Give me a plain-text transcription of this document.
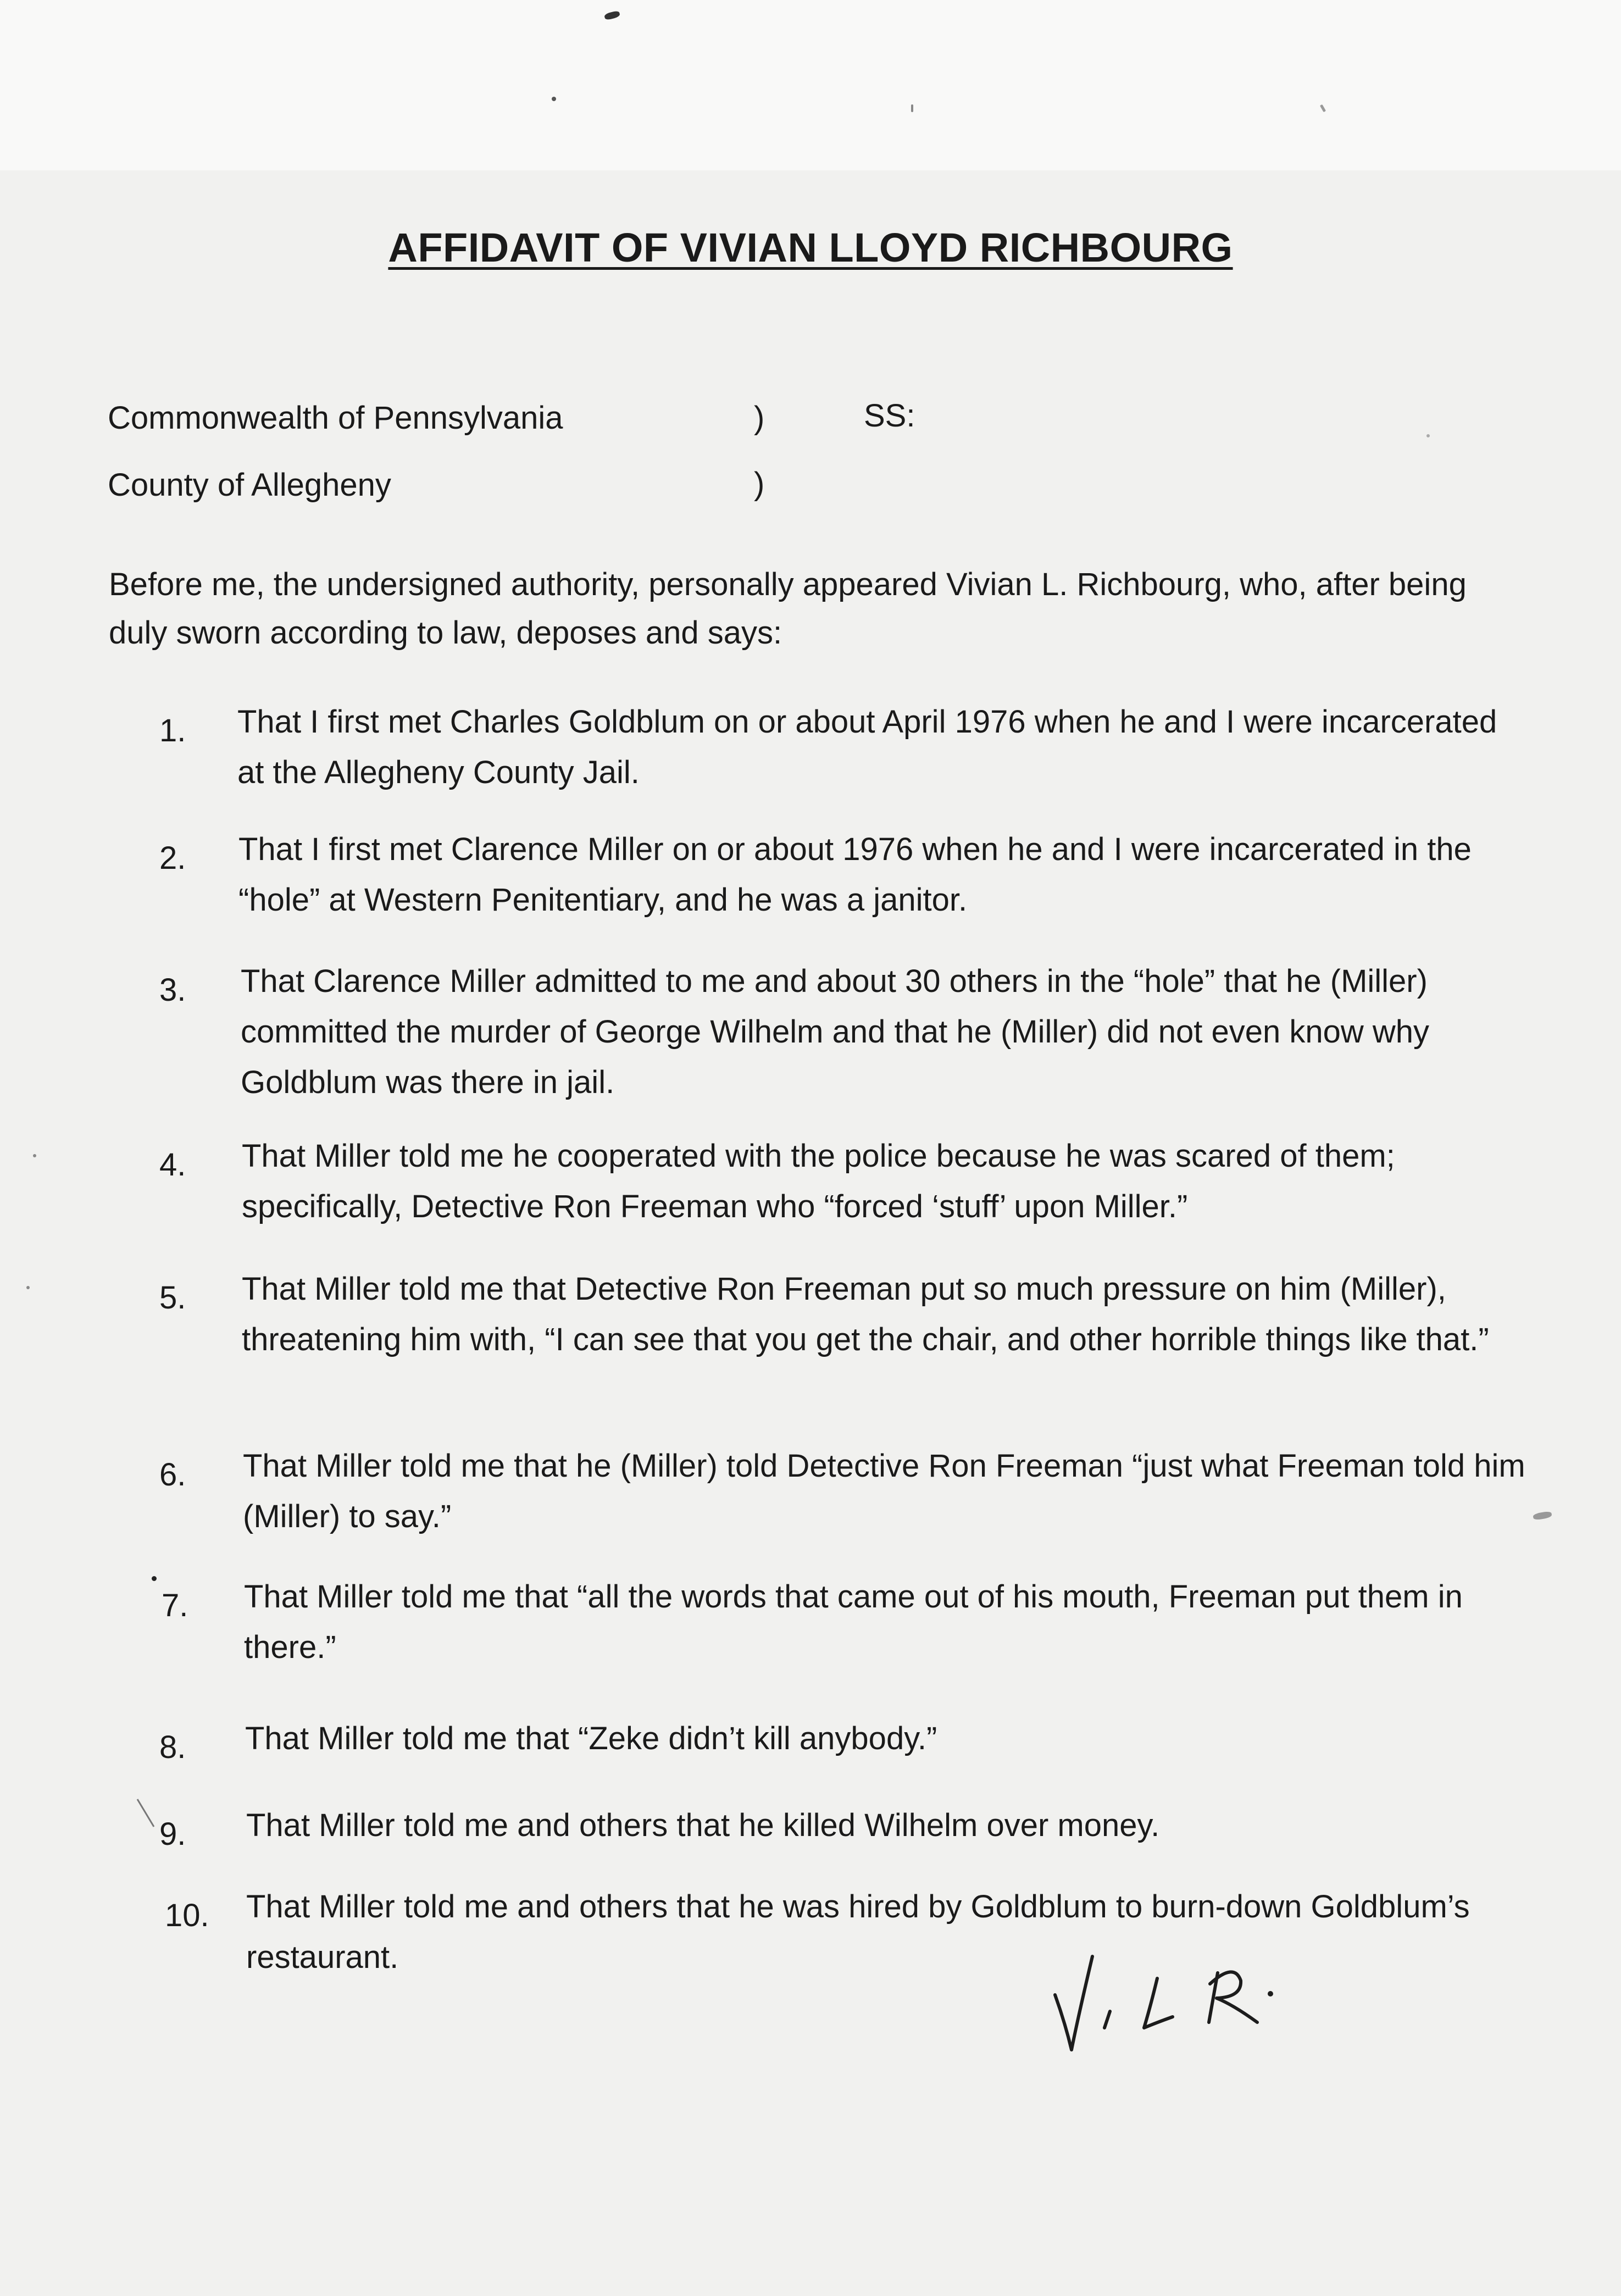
AFFIDAVIT OF VIVIAN LLOYD RICHBOURG
Commonwealth of Pennsylvania	)	SS:
County of Allegheny	)
Before me, the undersigned authority, personally appeared Vivian L. Richbourg, who, after being duly sworn according to law, deposes and says:
1. That I first met Charles Goldblum on or about April 1976 when he and I were incarcerated at the Allegheny County Jail.
2. That I first met Clarence Miller on or about 1976 when he and I were incarcerated in the “hole” at Western Penitentiary, and he was a janitor.
3. That Clarence Miller admitted to me and about 30 others in the “hole” that he (Miller) committed the murder of George Wilhelm and that he (Miller) did not even know why Goldblum was there in jail.
4. That Miller told me he cooperated with the police because he was scared of them; specifically, Detective Ron Freeman who “forced ‘stuff’ upon Miller.”
5. That Miller told me that Detective Ron Freeman put so much pressure on him (Miller), threatening him with, “I can see that you get the chair, and other horrible things like that.”
6. That Miller told me that he (Miller) told Detective Ron Freeman “just what Freeman told him (Miller) to say.”
7. That Miller told me that “all the words that came out of his mouth, Freeman put them in there.”
8. That Miller told me that “Zeke didn’t kill anybody.”
9. That Miller told me and others that he killed Wilhelm over money.
10. That Miller told me and others that he was hired by Goldblum to burn-down Goldblum’s restaurant.
